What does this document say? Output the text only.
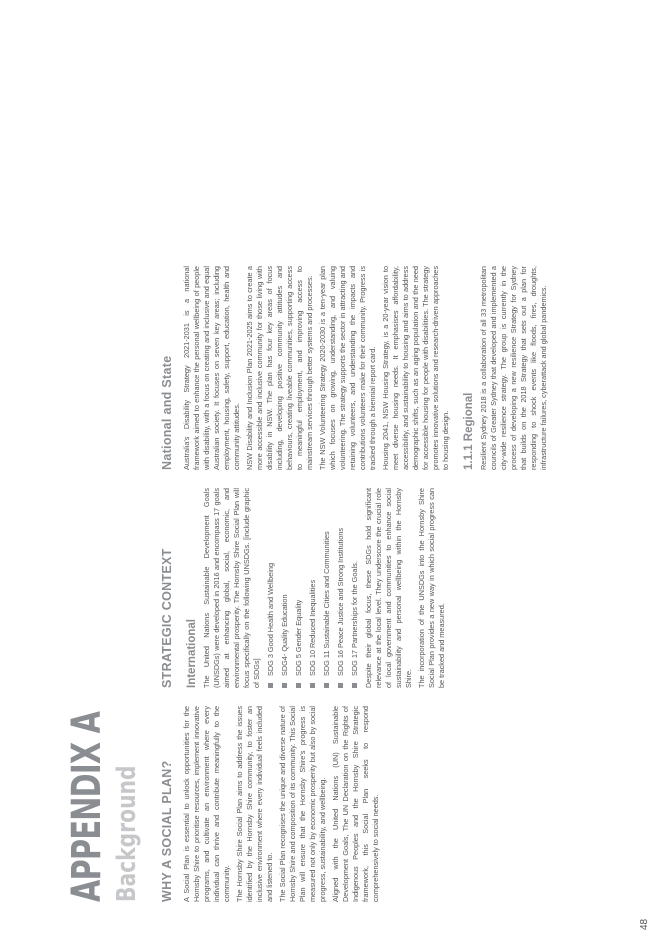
APPENDIX A Background WHY A SOCIAL PLAN? A Social Plan is essential to unlock opportunities for the Hornsby Shire to prioritise resources, implement innovative programs, and cultivate an environment where every individual can thrive and contribute meaningfully to the community. The Hornsby Shire Social Plan aims to address the issues identified by the Hornsby Shire community, to foster an inclusive environment where every individual feels included and listened to. The Social Plan recognises the unique and diverse nature of Hornsby Shire and composition of its community. This Social Plan will ensure that the Hornsby Shire's progress is measured not only by economic prosperity but also by social progress, sustainability, and wellbeing. Aligned with the United Nations (UN) Sustainable Development Goals, The UN Declaration on the Rights of Indigenous Peoples and the Hornsby Shire Strategic framework, this Social Plan seeks to respond comprehensively to social needs.

STRATEGIC CONTEXT International The United Nations Sustainable Development Goals (UNSDGs) were developed in 2016 and encompass 17 goals aimed at enhancing global, social, economic, and environmental prosperity. The Hornsby Shire Social Plan will focus specifically on the following UNSDGs. [include graphic of SDGs] SDG 3 Good Health and Wellbeing SDG4- Quality Education SDG 5 Gender Equality SDG 10 Reduced Inequalities SDG 11 Sustainable Cities and Communities SDG 16 Peace Justice and Strong Institutions SDG 17 Partnerships for the Goals. Despite their global focus, these SDGs hold significant relevance at the local level. They underscore the crucial role of local government and communities to enhance social sustainability and personal wellbeing within the Hornsby Shire. The incorporation of the UNSDGs into the Hornsby Shire Social Plan provides a new way in which social progress can be tracked and measured.

National and State Australia's Disability Strategy 2021-2031 is a national framework aimed to enhance the personal wellbeing of people with disability, with a focus on creating and inclusive and equal Australian society. It focuses on seven key areas; including employment, housing, safety, support, education, health and community attitudes. NSW Disability and Inclusion Plan 2021-2025 aims to create a more accessible and inclusive community for those living with disability in NSW. The plan has four key areas of focus including, developing positive community attitudes and behaviours, creating liveable communities, supporting access to meaningful employment, and improving access to mainstream services through better systems and processes. The NSW Volunteering Strategy 2020-2030 is a ten-year plan which focuses on growing, understanding, and valuing volunteering. The strategy supports the sector in attracting and retaining volunteers, and understanding the impacts and contributions volunteers make for their community. Progress is tracked through a biennial report card. Housing 2041, NSW Housing Strategy, is a 20-year vision to meet diverse housing needs. It emphasises affordability, accessibility, and sustainability to housing and aims to address demographic shifts, such as an aging population and the need for accessible housing for people with disabilities. The strategy promotes innovative solutions and research-driven approaches to housing design. 1.1.1 Regional Resilient Sydney 2018 is a collaboration of all 33 metropolitan councils of Greater Sydney that developed and implemented a city-wide resilience strategy. The group is currently in the process of developing a new resilience Strategy for Sydney that builds on the 2018 Strategy that sets out a plan for responding to shock events like floods, fires, droughts, infrastructure failures, cyberattack and global pandemics.

48
